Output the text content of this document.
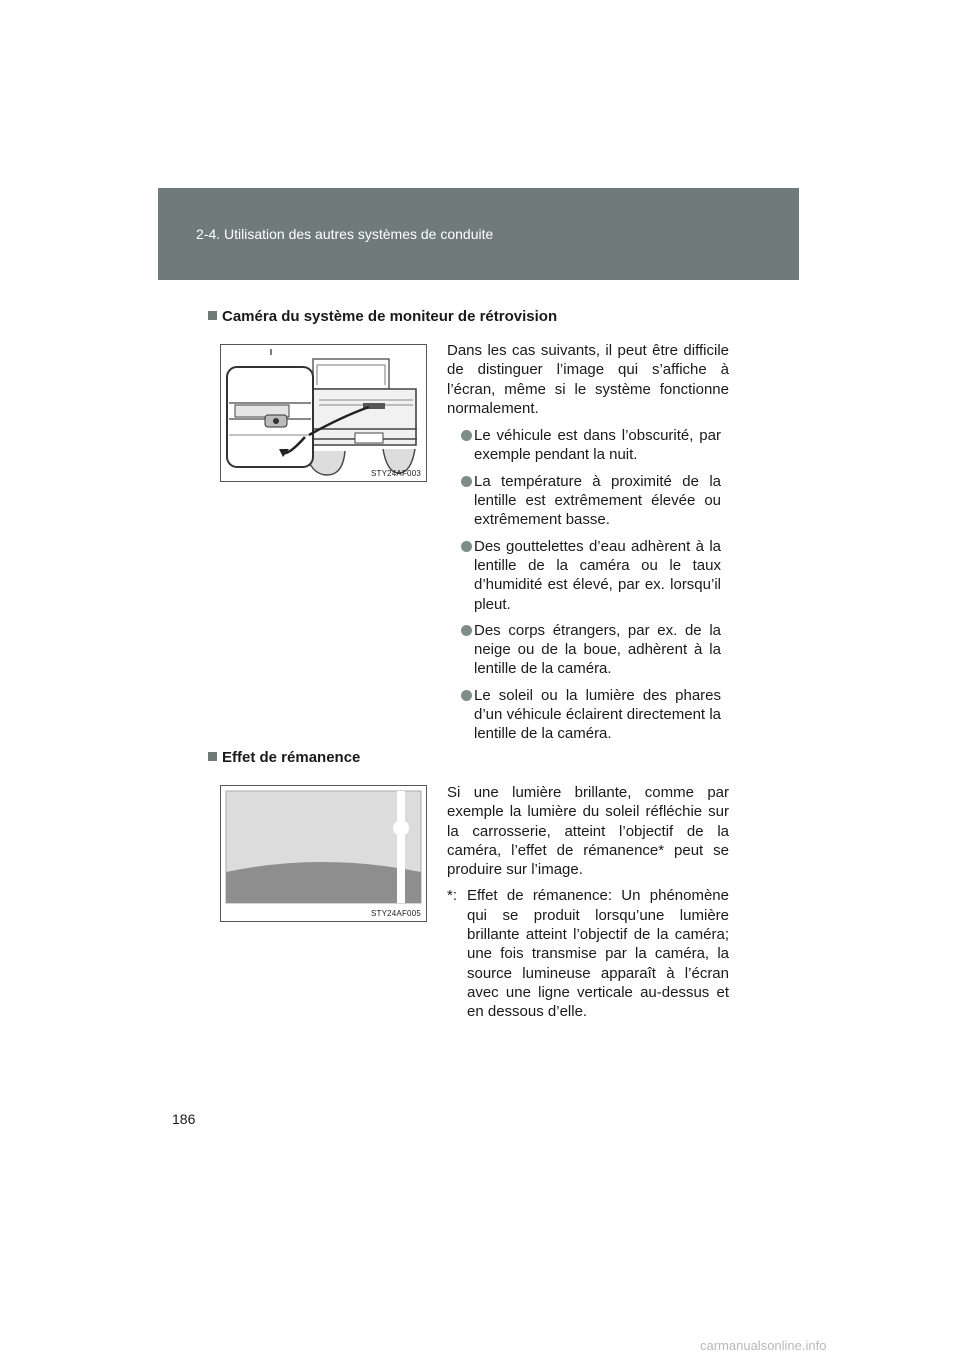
2-4. Utilisation des autres systèmes de conduite
Caméra du système de moniteur de rétrovision
STY24AF003

Dans les cas suivants, il peut être difficile de distinguer l’image qui s’affiche à l’écran, même si le système fonctionne normalement.

Le véhicule est dans l’obscurité, par exemple pendant la nuit.
La température à proximité de la lentille est extrêmement élevée ou extrêmement basse.
Des gouttelettes d’eau adhèrent à la lentille de la caméra ou le taux d’humidité est élevé, par ex. lorsqu’il pleut.
Des corps étrangers, par ex. de la neige ou de la boue, adhèrent à la lentille de la caméra.
Le soleil ou la lumière des phares d’un véhicule éclairent directement la lentille de la caméra.
Effet de rémanence
STY24AF005

Si une lumière brillante, comme par exemple la lumière du soleil réfléchie sur la carrosserie, atteint l’objectif de la caméra, l’effet de rémanence* peut se produire sur l’image.

*: Effet de rémanence: Un phénomène qui se produit lorsqu’une lumière brillante atteint l’objectif de la caméra; une fois transmise par la caméra, la source lumineuse apparaît à l’écran avec une ligne verticale au-dessus et en dessous d’elle.
186
carmanualsonline.info
